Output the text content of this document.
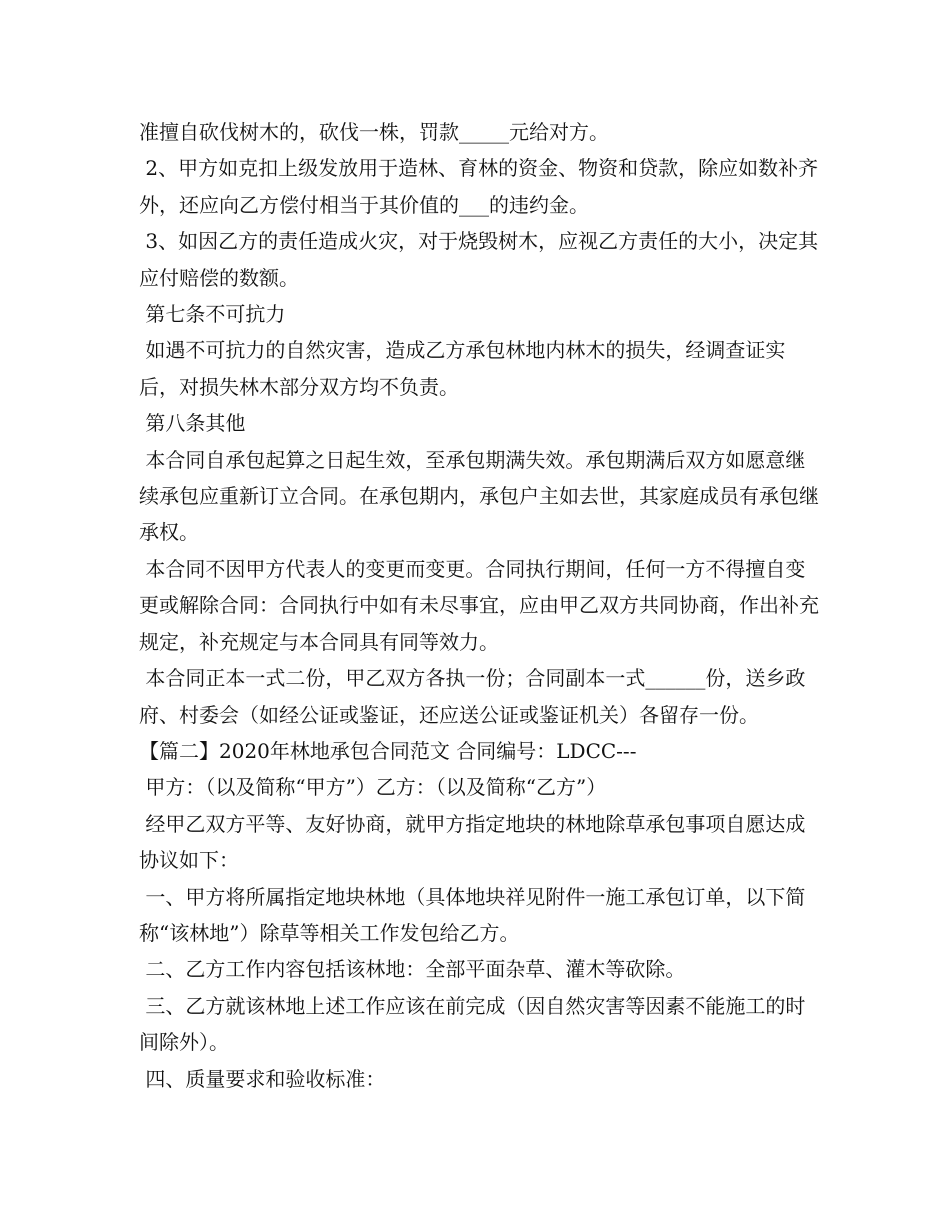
准擅自砍伐树木的，砍伐一株，罚款_____元给对方。

2、甲方如克扣上级发放用于造林、育林的资金、物资和贷款，除应如数补齐外，还应向乙方偿付相当于其价值的___的违约金。

3、如因乙方的责任造成火灾，对于烧毁树木，应视乙方责任的大小，决定其应付赔偿的数额。

第七条不可抗力

如遇不可抗力的自然灾害，造成乙方承包林地内林木的损失，经调查证实后，对损失林木部分双方均不负责。

第八条其他

本合同自承包起算之日起生效，至承包期满失效。承包期满后双方如愿意继续承包应重新订立合同。在承包期内，承包户主如去世，其家庭成员有承包继承权。

本合同不因甲方代表人的变更而变更。合同执行期间，任何一方不得擅自变更或解除合同：合同执行中如有未尽事宜，应由甲乙双方共同协商，作出补充规定，补充规定与本合同具有同等效力。

本合同正本一式二份，甲乙双方各执一份；合同副本一式______份，送乡政府、村委会（如经公证或鉴证，还应送公证或鉴证机关）各留存一份。

【篇二】2020年林地承包合同范文 合同编号：LDCC---

甲方：（以及简称“甲方”）乙方：（以及简称“乙方”）

经甲乙双方平等、友好协商，就甲方指定地块的林地除草承包事项自愿达成协议如下：

一、甲方将所属指定地块林地（具体地块祥见附件一施工承包订单，以下简称“该林地”）除草等相关工作发包给乙方。

二、乙方工作内容包括该林地：全部平面杂草、灌木等砍除。

三、乙方就该林地上述工作应该在前完成（因自然灾害等因素不能施工的时间除外）。

四、质量要求和验收标准：
